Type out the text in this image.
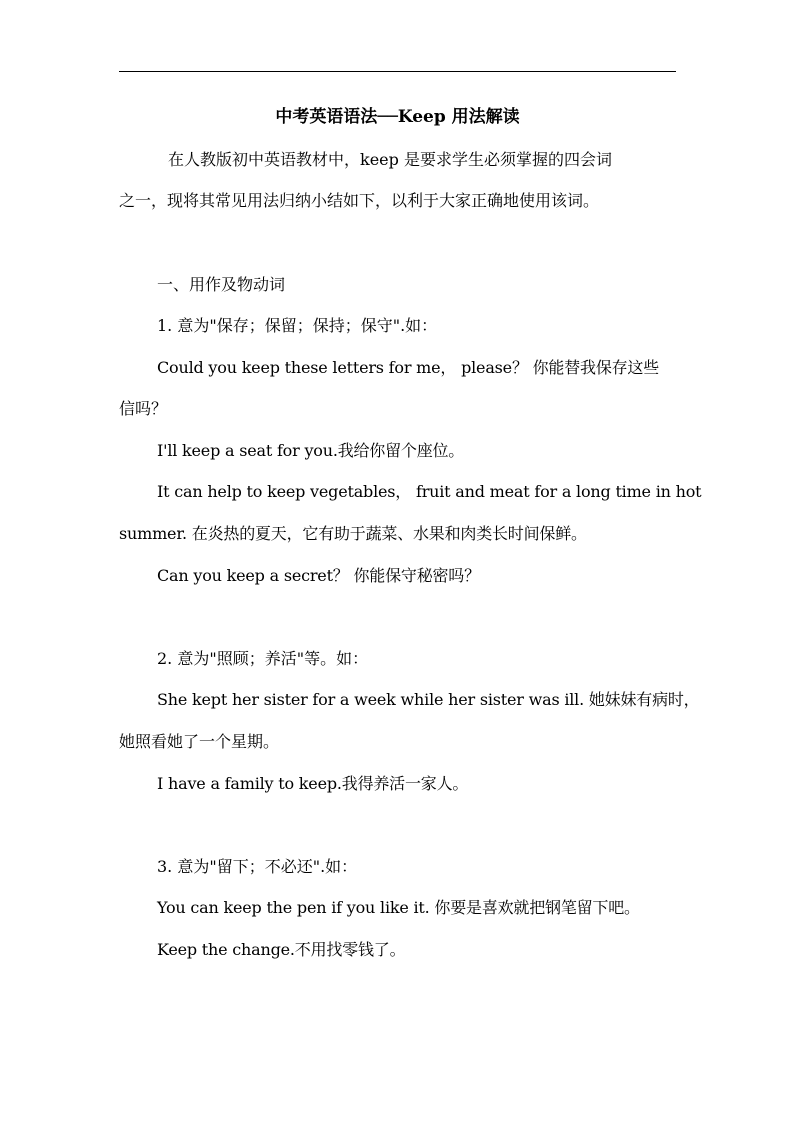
中考英语语法──Keep 用法解读
在人教版初中英语教材中，keep 是要求学生必须掌握的四会词
之一，现将其常见用法归纳小结如下，以利于大家正确地使用该词。
一、用作及物动词
1. 意为"保存；保留；保持；保守".如：
Could you keep these letters for me， please？ 你能替我保存这些
信吗？
I'll keep a seat for you.我给你留个座位。
It can help to keep vegetables， fruit and meat for a long time in hot
summer. 在炎热的夏天，它有助于蔬菜、水果和肉类长时间保鲜。
Can you keep a secret？ 你能保守秘密吗？
2. 意为"照顾；养活"等。如：
She kept her sister for a week while her sister was ill. 她妹妹有病时，
她照看她了一个星期。
I have a family to keep.我得养活一家人。
3. 意为"留下；不必还".如：
You can keep the pen if you like it. 你要是喜欢就把钢笔留下吧。
Keep the change.不用找零钱了。
